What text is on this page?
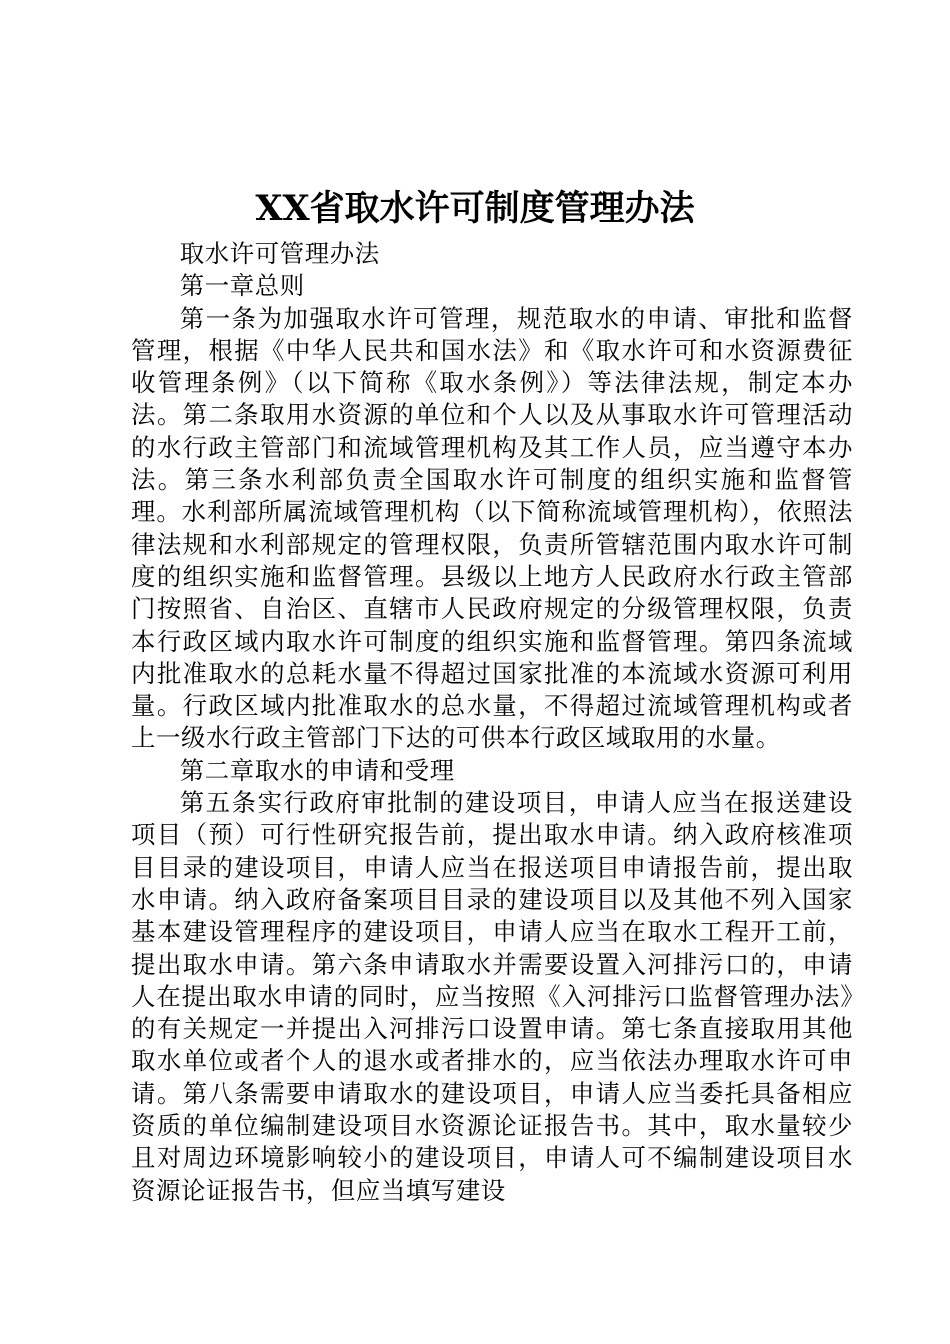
XX省取水许可制度管理办法

取水许可管理办法

第一章总则

第一条为加强取水许可管理，规范取水的申请、审批和监督管理，根据《中华人民共和国水法》和《取水许可和水资源费征收管理条例》（以下简称《取水条例》）等法律法规，制定本办法。第二条取用水资源的单位和个人以及从事取水许可管理活动的水行政主管部门和流域管理机构及其工作人员，应当遵守本办法。第三条水利部负责全国取水许可制度的组织实施和监督管理。水利部所属流域管理机构（以下简称流域管理机构），依照法律法规和水利部规定的管理权限，负责所管辖范围内取水许可制度的组织实施和监督管理。县级以上地方人民政府水行政主管部门按照省、自治区、直辖市人民政府规定的分级管理权限，负责本行政区域内取水许可制度的组织实施和监督管理。第四条流域内批准取水的总耗水量不得超过国家批准的本流域水资源可利用量。行政区域内批准取水的总水量，不得超过流域管理机构或者上一级水行政主管部门下达的可供本行政区域取用的水量。

第二章取水的申请和受理

第五条实行政府审批制的建设项目，申请人应当在报送建设项目（预）可行性研究报告前，提出取水申请。纳入政府核准项目目录的建设项目，申请人应当在报送项目申请报告前，提出取水申请。纳入政府备案项目目录的建设项目以及其他不列入国家基本建设管理程序的建设项目，申请人应当在取水工程开工前，提出取水申请。第六条申请取水并需要设置入河排污口的，申请人在提出取水申请的同时，应当按照《入河排污口监督管理办法》的有关规定一并提出入河排污口设置申请。第七条直接取用其他取水单位或者个人的退水或者排水的，应当依法办理取水许可申请。第八条需要申请取水的建设项目，申请人应当委托具备相应资质的单位编制建设项目水资源论证报告书。其中，取水量较少且对周边环境影响较小的建设项目，申请人可不编制建设项目水资源论证报告书，但应当填写建设
